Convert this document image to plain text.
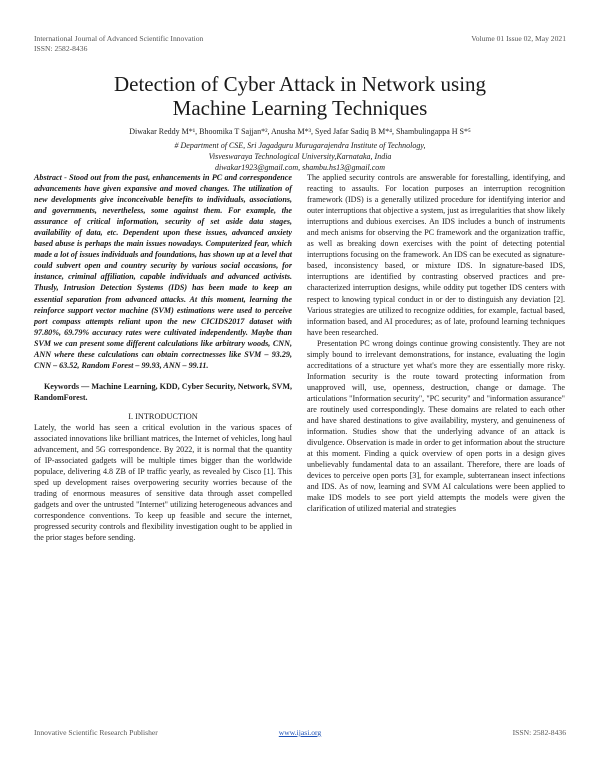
International Journal of Advanced Scientific Innovation
ISSN: 2582-8436
Volume 01 Issue 02, May 2021
Detection of Cyber Attack in Network using
Machine Learning Techniques
Diwakar Reddy M*¹, Bhoomika T Sajjan*², Anusha M*³, Syed Jafar Sadiq B M*⁴, Shambulingappa H S*⁵
# Department of CSE, Sri Jagadguru Murugarajendra Institute of Technology,
Visveswaraya Technological University,Karnataka, India
diwakar1923@gmail.com, shambu.hs13@gmail.com

Abstract - Stood out from the past, enhancements in PC and correspondence advancements have given expansive and moved changes. The utilization of new developments give inconceivable benefits to individuals, associations, and governments, nevertheless, some against them. For example, the assurance of critical information, security of set aside data stages, availability of data, etc. Dependent upon these issues, advanced anxiety based abuse is perhaps the main issues nowadays. Computerized fear, which made a lot of issues individuals and foundations, has shown up at a level that could subvert open and country security by various social occasions, for instance, criminal affiliation, capable individuals and advanced activists. Thusly, Intrusion Detection Systems (IDS) has been made to keep an essential separation from advanced attacks. At this moment, learning the reinforce support vector machine (SVM) estimations were used to perceive port compass attempts reliant upon the new CICIDS2017 dataset with 97.80%, 69.79% accuracy rates were cultivated independently. Maybe than SVM we can present some different calculations like arbitrary woods, CNN, ANN where these calculations can obtain correctnesses like SVM – 93.29, CNN – 63.52, Random Forest – 99.93, ANN – 99.11.

Keywords — Machine Learning, KDD, Cyber Security, Network, SVM, RandomForest.

I. INTRODUCTION

Lately, the world has seen a critical evolution in the various spaces of associated innovations like brilliant matrices, the Internet of vehicles, long haul advancement, and 5G correspondence. By 2022, it is normal that the quantity of IP-associated gadgets will be multiple times bigger than the worldwide populace, delivering 4.8 ZB of IP traffic yearly, as revealed by Cisco [1]. This sped up development raises overpowering security worries because of the trading of enormous measures of sensitive data through asset compelled gadgets and over the untrusted "Internet" utilizing heterogeneous advances and correspondence conventions. To keep up feasible and secure the internet, progressed security controls and flexibility investigation ought to be applied in the prior stages before sending.

The applied security controls are answerable for forestalling, identifying, and reacting to assaults. For location purposes an interruption recognition framework (IDS) is a generally utilized procedure for identifying interior and outer interruptions that objective a system, just as irregularities that show likely interruptions and dubious exercises. An IDS includes a bunch of instruments and mech anisms for observing the PC framework and the organization traffic, as well as breaking down exercises with the point of detecting potential interruptions focusing on the framework. An IDS can be executed as signature-based, inconsistency based, or mixture IDS. In signature-based IDS, interruptions are identified by contrasting observed practices and pre-characterized interruption designs, while oddity put together IDS centers with respect to knowing typical conduct in or der to distinguish any deviation [2]. Various strategies are utilized to recognize oddities, for example, factual based, information based, and AI procedures; as of late, profound learning techniques have been researched.

Presentation PC wrong doings continue growing consistently. They are not simply bound to irrelevant demonstrations, for instance, evaluating the login accreditations of a structure yet what's more they are essentially more risky. Information security is the route toward protecting information from unapproved will, use, openness, destruction, change or damage. The articulations "Information security", "PC security" and "information assurance" are routinely used correspondingly. These domains are related to each other and have shared destinations to give availability, mystery, and genuineness of information. Studies show that the underlying advance of an attack is divulgence. Observation is made in order to get information about the structure at this moment. Finding a quick overview of open ports in a design gives unbelievably fundamental data to an assailant. Therefore, there are loads of devices to perceive open ports [3], for example, subterranean insect infections and IDS. As of now, learning and SVM AI calculations were been applied to make IDS models to see port yield attempts the models were given the clarification of utilized material and strategies

Innovative Scientific Research Publisher	www.ijasi.org	ISSN: 2582-8436
